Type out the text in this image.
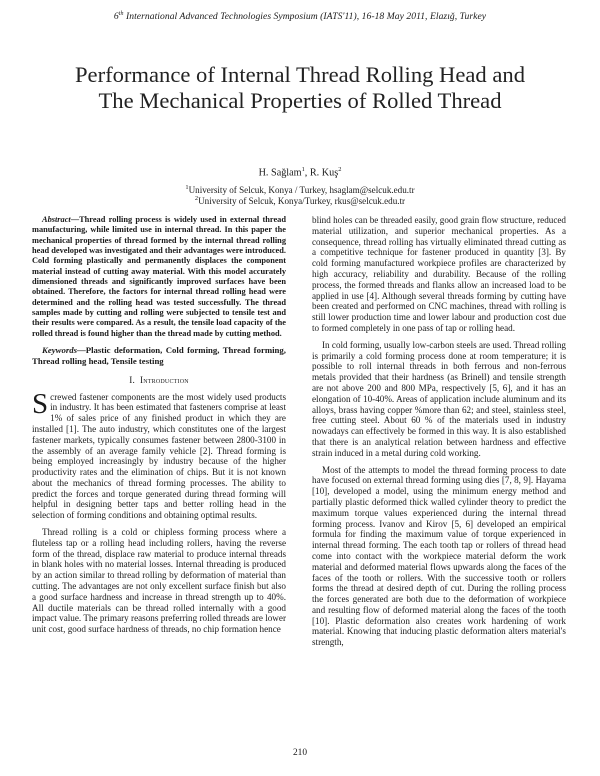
6th International Advanced Technologies Symposium (IATS'11), 16-18 May 2011, Elazığ, Turkey
Performance of Internal Thread Rolling Head and The Mechanical Properties of Rolled Thread
H. Sağlam$^1$, R. Kuş$^2$
$^1$University of Selcuk, Konya / Turkey, hsaglam@selcuk.edu.tr
$^2$University of Selcuk, Konya/Turkey, rkus@selcuk.edu.tr

Abstract—Thread rolling process is widely used in external thread manufacturing, while limited use in internal thread. In this paper the mechanical properties of thread formed by the internal thread rolling head developed was investigated and their advantages were introduced. Cold forming plastically and permanently displaces the component material instead of cutting away material. With this model accurately dimensioned threads and significantly improved surfaces have been obtained. Therefore, the factors for internal thread rolling head were determined and the rolling head was tested successfully. The thread samples made by cutting and rolling were subjected to tensile test and their results were compared. As a result, the tensile load capacity of the rolled thread is found higher than the thread made by cutting method.

Keywords—Plastic deformation, Cold forming, Thread forming, Thread rolling head, Tensile testing

I. Introduction

Screwed fastener components are the most widely used products in industry. It has been estimated that fasteners comprise at least 1% of sales price of any finished product in which they are installed [1]. The auto industry, which constitutes one of the largest fastener markets, typically consumes fastener between 2800-3100 in the assembly of an average family vehicle [2]. Thread forming is being employed increasingly by industry because of the higher productivity rates and the elimination of chips. But it is not known about the mechanics of thread forming processes. The ability to predict the forces and torque generated during thread forming will helpful in designing better taps and better rolling head in the selection of forming conditions and obtaining optimal results.

Thread rolling is a cold or chipless forming process where a fluteless tap or a rolling head including rollers, having the reverse form of the thread, displace raw material to produce internal threads in blank holes with no material losses. Internal threading is produced by an action similar to thread rolling by deformation of material than cutting. The advantages are not only excellent surface finish but also a good surface hardness and increase in thread strength up to 40%. All ductile materials can be thread rolled internally with a good impact value. The primary reasons preferring rolled threads are lower unit cost, good surface hardness of threads, no chip formation hence

blind holes can be threaded easily, good grain flow structure, reduced material utilization, and superior mechanical properties. As a consequence, thread rolling has virtually eliminated thread cutting as a competitive technique for fastener produced in quantity [3]. By cold forming manufactured workpiece profiles are characterized by high accuracy, reliability and durability. Because of the rolling process, the formed threads and flanks allow an increased load to be applied in use [4]. Although several threads forming by cutting have been created and performed on CNC machines, thread with rolling is still lower production time and lower labour and production cost due to formed completely in one pass of tap or rolling head.

In cold forming, usually low-carbon steels are used. Thread rolling is primarily a cold forming process done at room temperature; it is possible to roll internal threads in both ferrous and non-ferrous metals provided that their hardness (as Brinell) and tensile strength are not above 200 and 800 MPa, respectively [5, 6], and it has an elongation of 10-40%. Areas of application include aluminum and its alloys, brass having copper %more than 62; and steel, stainless steel, free cutting steel. About 60 % of the materials used in industry nowadays can effectively be formed in this way. It is also established that there is an analytical relation between hardness and effective strain induced in a metal during cold working.

Most of the attempts to model the thread forming process to date have focused on external thread forming using dies [7, 8, 9]. Hayama [10], developed a model, using the minimum energy method and partially plastic deformed thick walled cylinder theory to predict the maximum torque values experienced during the internal thread forming process. Ivanov and Kirov [5, 6] developed an empirical formula for finding the maximum value of torque experienced in internal thread forming. The each tooth tap or rollers of thread head come into contact with the workpiece material deform the work material and deformed material flows upwards along the faces of the faces of the tooth or rollers. With the successive tooth or rollers forms the thread at desired depth of cut. During the rolling process the forces generated are both due to the deformation of workpiece and resulting flow of deformed material along the faces of the tooth [10]. Plastic deformation also creates work hardening of work material. Knowing that inducing plastic deformation alters material's strength,

210
